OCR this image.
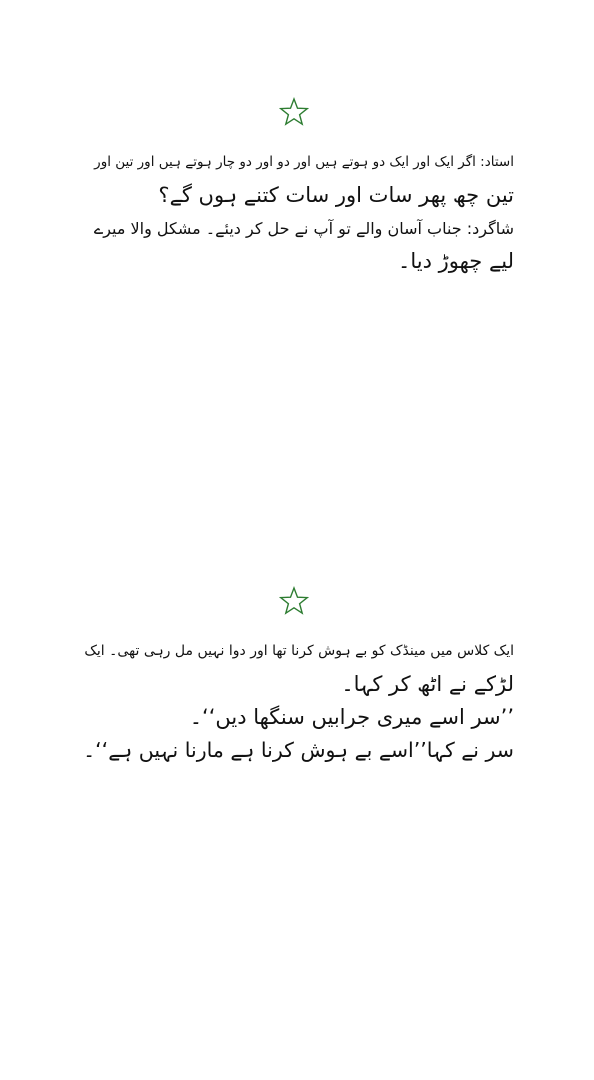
استاد: اگر ایک اور ایک دو ہوتے ہیں اور دو اور دو چار ہوتے ہیں اور تین اور
تین چھ پھر سات اور سات کتنے ہوں گے؟
شاگرد: جناب آسان والے تو آپ نے حل کر دیئے۔ مشکل والا میرے
لیے چھوڑ دیا۔
ایک کلاس میں مینڈک کو بے ہوش کرنا تھا اور دوا نہیں مل رہی تھی۔ ایک
لڑکے نے اٹھ کر کہا۔
’’سر اسے میری جرابیں سنگھا دیں‘‘۔
سر نے کہا’’اسے بے ہوش کرنا ہے مارنا نہیں ہے‘‘۔
